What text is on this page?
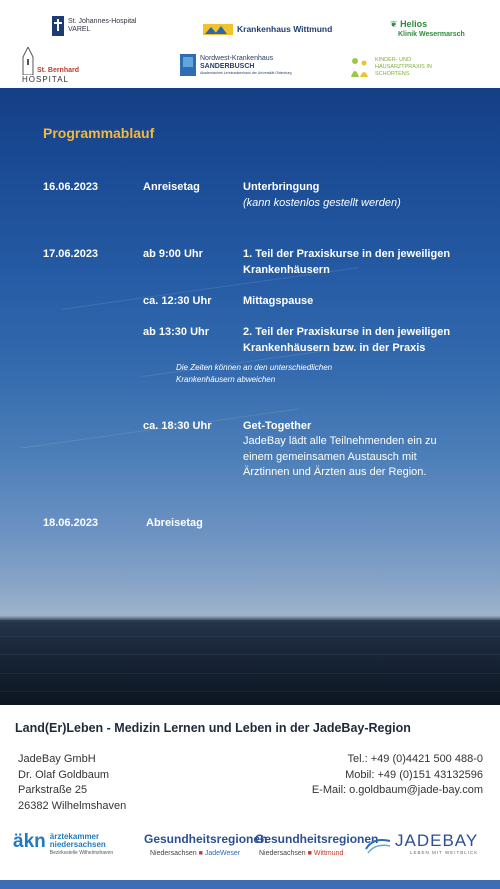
St. Johannes-Hospital
VAREL	Krankenhaus Wittmund	❦ Helios
Klinik Wesermarsch
St. Bernhard
HOSPITAL
Nordwest-Krankenhaus
SANDERBUSCH
Akademisches Lehrkrankenhaus der Universität Oldenburg
KINDER- UND
HAUSARZTPRAXIS IN
SCHORTENS
Programmablauf
16.06.2023	Anreisetag	Unterbringung
(kann kostenlos gestellt werden)
17.06.2023	ab 9:00 Uhr	1. Teil der Praxiskurse in den jeweiligen
Krankenhäusern
ca. 12:30 Uhr	Mittagspause
ab 13:30 Uhr	2. Teil der Praxiskurse in den jeweiligen
Krankenhäusern bzw. in der Praxis
Die Zeiten können an den unterschiedlichen
Krankenhäusern abweichen
ca. 18:30 Uhr	Get-Together
JadeBay lädt alle Teilnehmenden ein zu
einem gemeinsamen Austausch mit
Ärztinnen und Ärzten aus der Region.
18.06.2023	Abreisetag
Land(Er)Leben - Medizin Lernen und Leben in der JadeBay-Region
JadeBay GmbH
Dr. Olaf Goldbaum
Parkstraße 25
26382 Wilhelmshaven
Tel.: +49 (0)4421 500 488-0
Mobil: +49 (0)151 43132596
E-Mail: o.goldbaum@jade-bay.com
äkn ärztekammer
niedersachsen
Bezirksstelle Wilhelmshaven
Gesundheitsregionen
Niedersachsen ■ JadeWeser
Gesundheitsregionen
Niedersachsen ■ Wittmund
JADEBAY
LEBEN MIT WEITBLICK
